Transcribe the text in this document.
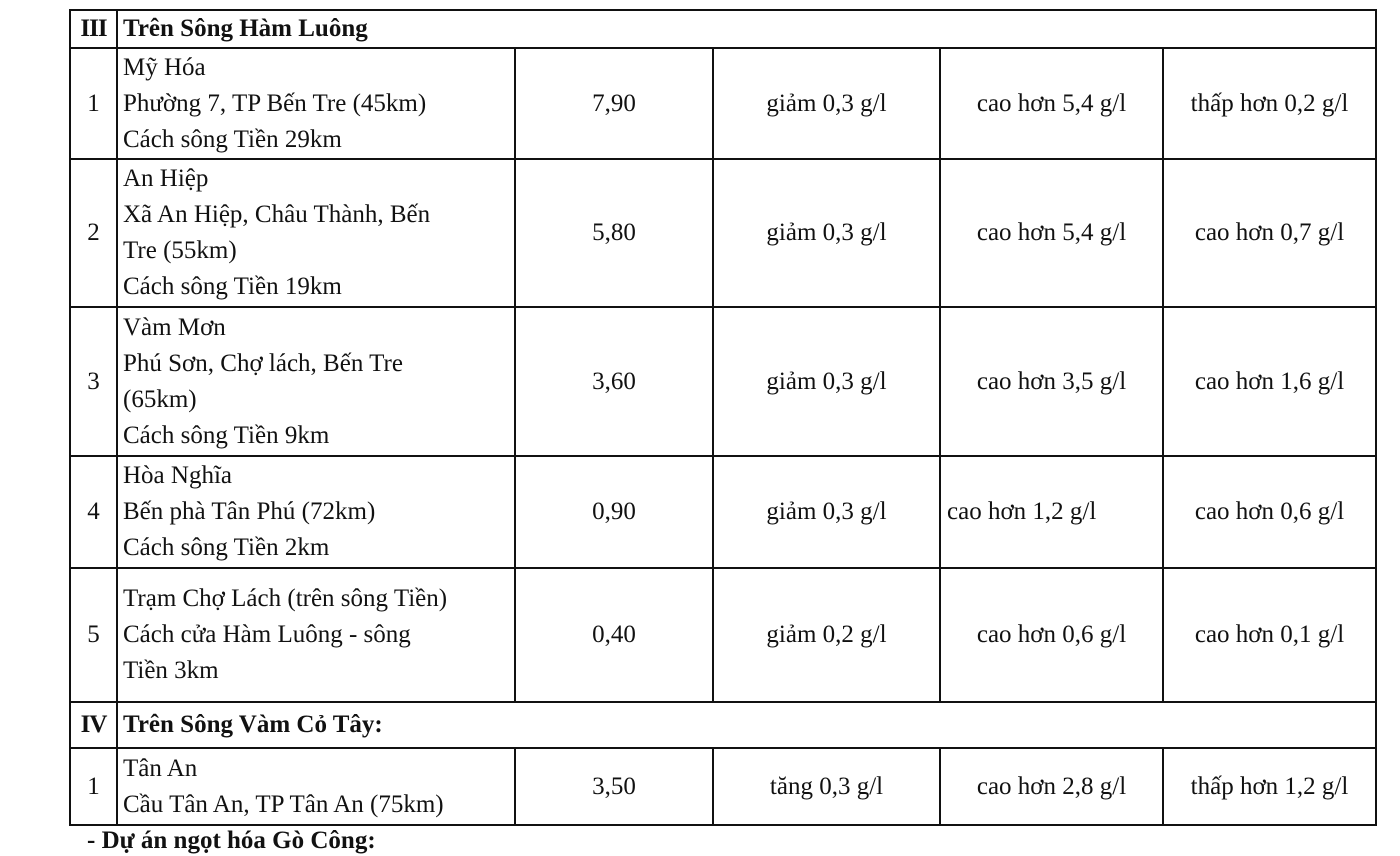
III	Trên Sông Hàm Luông				
1	Mỹ Hóa
Phường 7, TP Bến Tre (45km)
Cách sông Tiền 29km	7,90	giảm 0,3 g/l	cao hơn 5,4 g/l	thấp hơn 0,2 g/l
2	An Hiệp
Xã An Hiệp, Châu Thành, Bến
Tre (55km)
Cách sông Tiền 19km	5,80	giảm 0,3 g/l	cao hơn 5,4 g/l	cao hơn 0,7 g/l
3	Vàm Mơn
Phú Sơn, Chợ lách, Bến Tre
(65km)
Cách sông Tiền 9km	3,60	giảm 0,3 g/l	cao hơn 3,5 g/l	cao hơn 1,6 g/l
4	Hòa Nghĩa
Bến phà Tân Phú (72km)
Cách sông Tiền 2km	0,90	giảm 0,3 g/l	cao hơn 1,2 g/l	cao hơn 0,6 g/l
5	Trạm Chợ Lách (trên sông Tiền)
Cách cửa Hàm Luông - sông
Tiền 3km	0,40	giảm 0,2 g/l	cao hơn 0,6 g/l	cao hơn 0,1 g/l
IV	Trên Sông Vàm Cỏ Tây:				
1	Tân An
Cầu Tân An, TP Tân An (75km)	3,50	tăng 0,3 g/l	cao hơn 2,8 g/l	thấp hơn 1,2 g/l
- Dự án ngọt hóa Gò Công:
